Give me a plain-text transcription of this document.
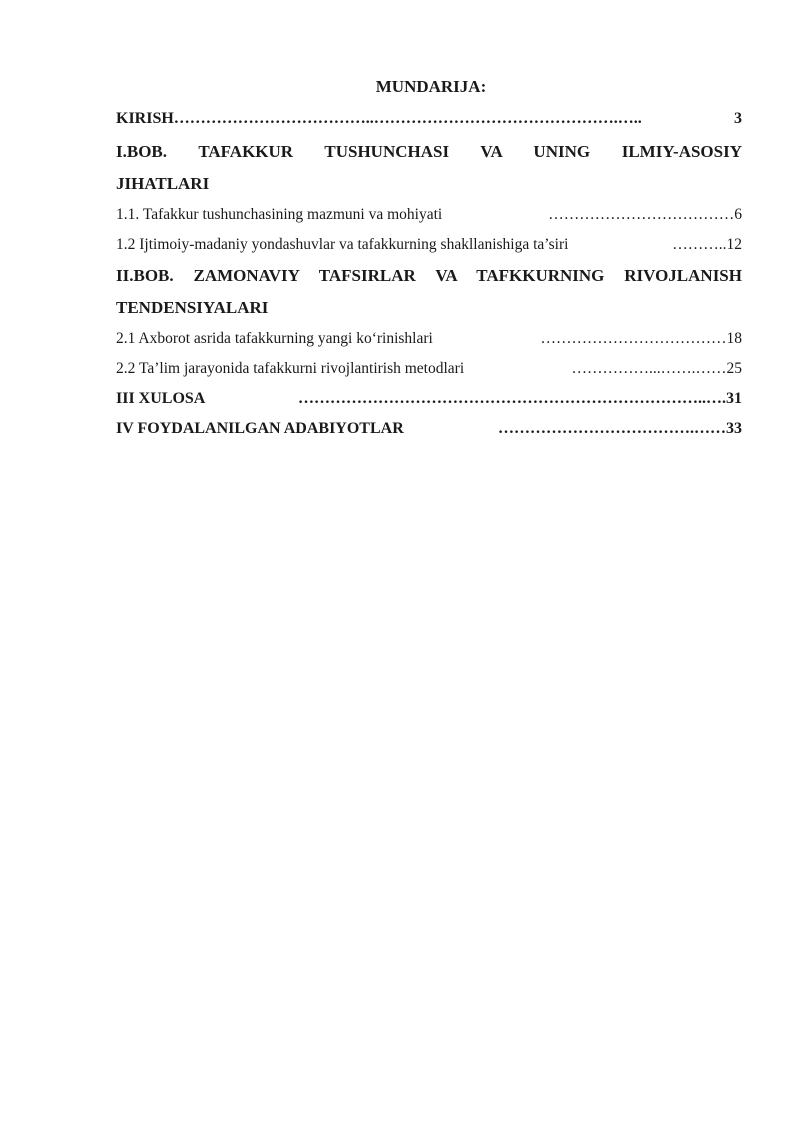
MUNDARIJA:
KIRISH ………………………………..……………………………………….…..	3
I.BOB. TAFAKKUR TUSHUNCHASI VA UNING ILMIY-ASOSIY
JIHATLARI
1.1. Tafakkur tushunchasining mazmuni va mohiyati	……………………………… 6
1.2 Ijtimoiy-madaniy yondashuvlar va tafakkurning shakllanishiga ta’siri	……….. 12
II.BOB. ZAMONAVIY TAFSIRLAR VA TAFKKURNING RIVOJLANISH
TENDENSIYALARI
2.1 Axborot asrida tafakkurning yangi koʻrinishlari	……………………………… 18
2.2 Ta’lim jarayonida tafakkurni rivojlantirish metodlari	……………...…….…… 25
III XULOSA	…………………………………………………………………..…. 31
IV FOYDALANILGAN ADABIYOTLAR	……………………………….…… 33
